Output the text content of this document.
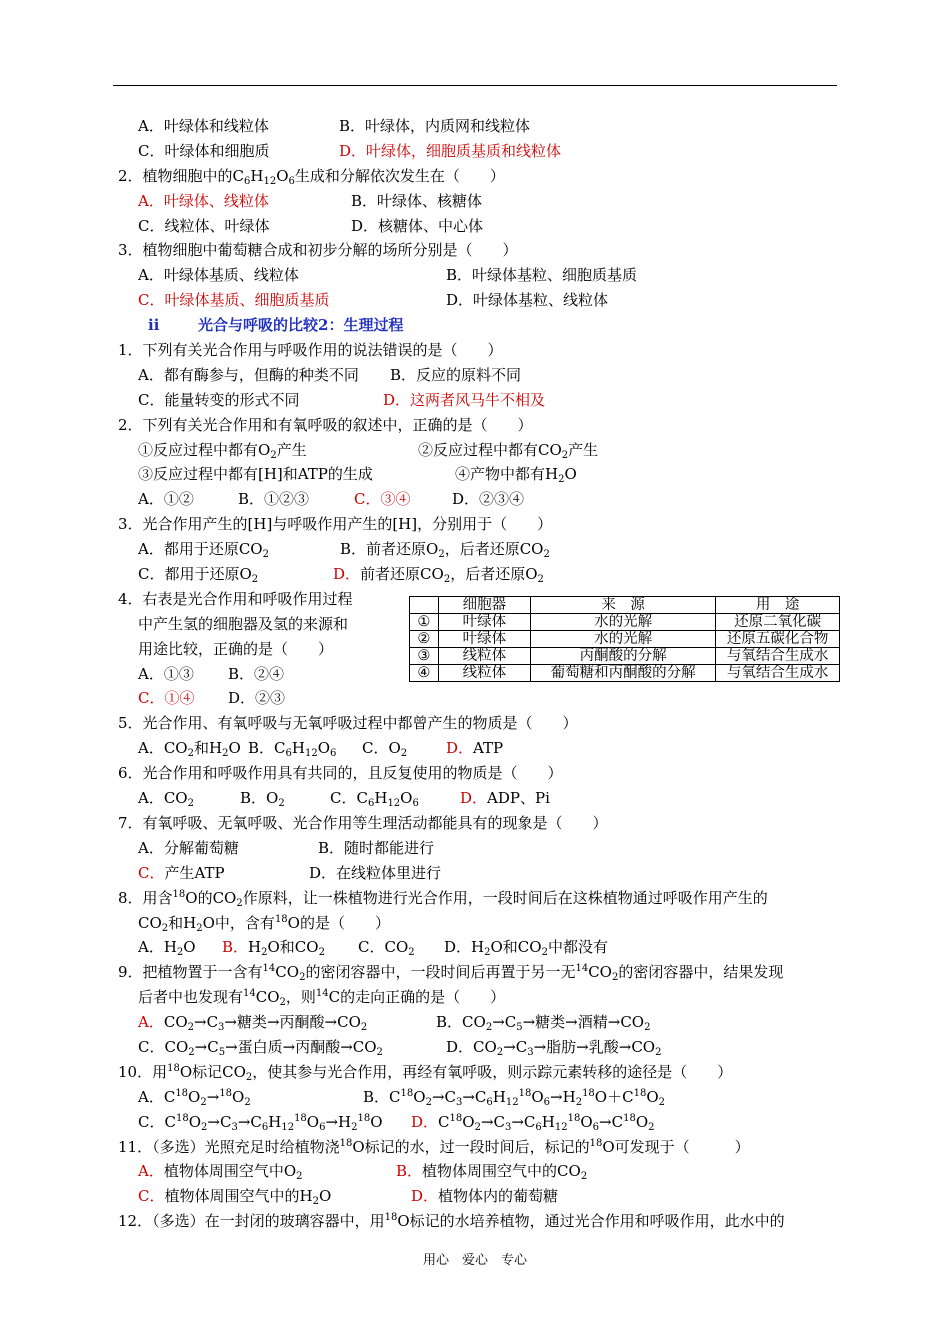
A．叶绿体和线粒体	B．叶绿体，内质网和线粒体
C．叶绿体和细胞质	D．叶绿体，细胞质基质和线粒体
2．植物细胞中的$C_6H_{12}O_6$生成和分解依次发生在（　　）
A．叶绿体、线粒体	B．叶绿体、核糖体
C．线粒体、叶绿体	D．核糖体、中心体
3．植物细胞中葡萄糖合成和初步分解的场所分别是（　　）
A．叶绿体基质、线粒体	B．叶绿体基粒、细胞质基质
C．叶绿体基质、细胞质基质	D．叶绿体基粒、线粒体
ⅱ	光合与呼吸的比较2：生理过程
1．下列有关光合作用与呼吸作用的说法错误的是（　　）
A．都有酶参与，但酶的种类不同 B．反应的原料不同
C．能量转变的形式不同	D．这两者风马牛不相及
2．下列有关光合作用和有氧呼吸的叙述中，正确的是（　　）
①反应过程中都有$O_2$产生	②反应过程中都有$CO_2$产生
③反应过程中都有[H]和ATP的生成	④产物中都有$H_2O$
A．①②	B．①②③	C．③④	D．②③④
3．光合作用产生的[H]与呼吸作用产生的[H]，分别用于（　　）
A．都用于还原$CO_2$	B．前者还原$O_2$，后者还原$CO_2$
C．都用于还原$O_2$	D．前者还原$CO_2$，后者还原$O_2$
4．右表是光合作用和呼吸作用过程
中产生氢的细胞器及氢的来源和
用途比较，正确的是（　　）
A．①③ B．②④
C．①④ D．②③
	细胞器	来　源	用　途
①	叶绿体	水的光解	还原二氧化碳
②	叶绿体	水的光解	还原五碳化合物
③	线粒体	丙酮酸的分解	与氧结合生成水
④	线粒体	葡萄糖和丙酮酸的分解	与氧结合生成水
5．光合作用、有氧呼吸与无氧呼吸过程中都曾产生的物质是（　　）
A．$CO_2$和$H_2O$ B．$C_6H_{12}O_6$ C．$O_2$	D．ATP
6．光合作用和呼吸作用具有共同的，且反复使用的物质是（　　）
A．$CO_2$	B．$O_2$	C．$C_6H_{12}O_6$	D．ADP、Pi
7．有氧呼吸、无氧呼吸、光合作用等生理活动都能具有的现象是（　　）
A．分解葡萄糖	B．随时都能进行
C．产生ATP	D．在线粒体里进行
8．用含$^{18}$O的$CO_2$作原料，让一株植物进行光合作用，一段时间后在这株植物通过呼吸作用产生的
$CO_2$和$H_2O$中，含有$^{18}$O的是（　　）
A．$H_2O$ B．$H_2O$和$CO_2$ C．$CO_2$ D．$H_2O$和$CO_2$中都没有
9．把植物置于一含有$^{14}CO_2$的密闭容器中，一段时间后再置于另一无$^{14}CO_2$的密闭容器中，结果发现
后者中也发现有$^{14}CO_2$，则$^{14}$C的走向正确的是（　　）
A．$CO_2\to C_3\to$糖类→丙酮酸$\to CO_2$	B．$CO_2\to C_5\to$糖类→酒精$\to CO_2$
C．$CO_2\to C_5\to$蛋白质→丙酮酸$\to CO_2$	D．$CO_2\to C_3\to$脂肪→乳酸$\to CO_2$
10．用$^{18}$O标记$CO_2$，使其参与光合作用，再经有氧呼吸，则示踪元素转移的途径是（　　）
A．$C^{18}O_2\to^{18}O_2$	B．$C^{18}O_2\to C_3\to C_6H_{12}^{18}O_6\to H_2^{18}O+C^{18}O_2$
C．$C^{18}O_2\to C_3\to C_6H_{12}^{18}O_6\to H_2^{18}O$ D．$C^{18}O_2\to C_3\to C_6H_{12}^{18}O_6\to C^{18}O_2$
11．（多选）光照充足时给植物浇$^{18}$O标记的水，过一段时间后，标记的$^{18}$O可发现于（　　　）
A．植物体周围空气中$O_2$	B．植物体周围空气中的$CO_2$
C．植物体周围空气中的$H_2O$	D．植物体内的葡萄糖
12．（多选）在一封闭的玻璃容器中，用$^{18}$O标记的水培养植物，通过光合作用和呼吸作用，此水中的
用心　爱心　专心
